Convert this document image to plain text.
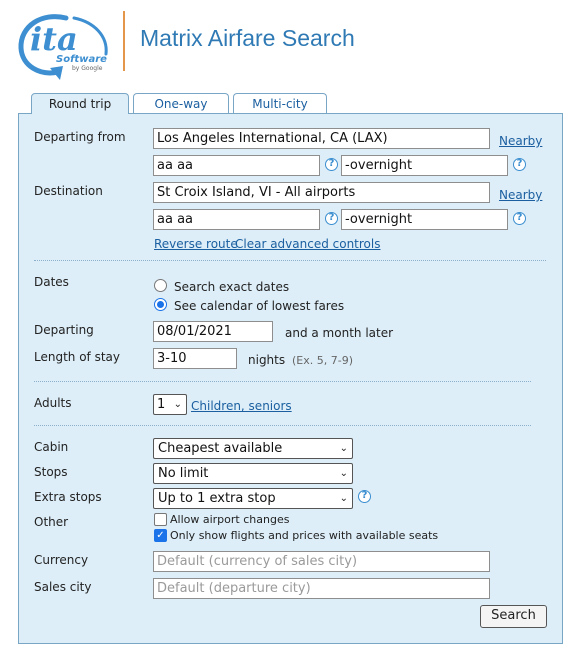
ita
Software
by Google
Matrix Airfare Search
Round trip	One-way	Multi-city
Departing from	Los Angeles International, CA (LAX)	Nearby
aa aa	? -overnight	?
Destination	St Croix Island, VI - All airports	Nearby
aa aa	? -overnight	?
Reverse route
Clear advanced controls
Dates	Search exact dates
See calendar of lowest fares
Departing	08/01/2021	and a month later
Length of stay	3-10	nights (Ex. 5, 7-9)
Adults	1 ⌄ Children, seniors
Cabin	Cheapest available	⌄
Stops	No limit	⌄
Extra stops	Up to 1 extra stop	⌄	?
Other	Allow airport changes
✓ Only show flights and prices with available seats
Currency	Default (currency of sales city)
Sales city	Default (departure city)
Search
